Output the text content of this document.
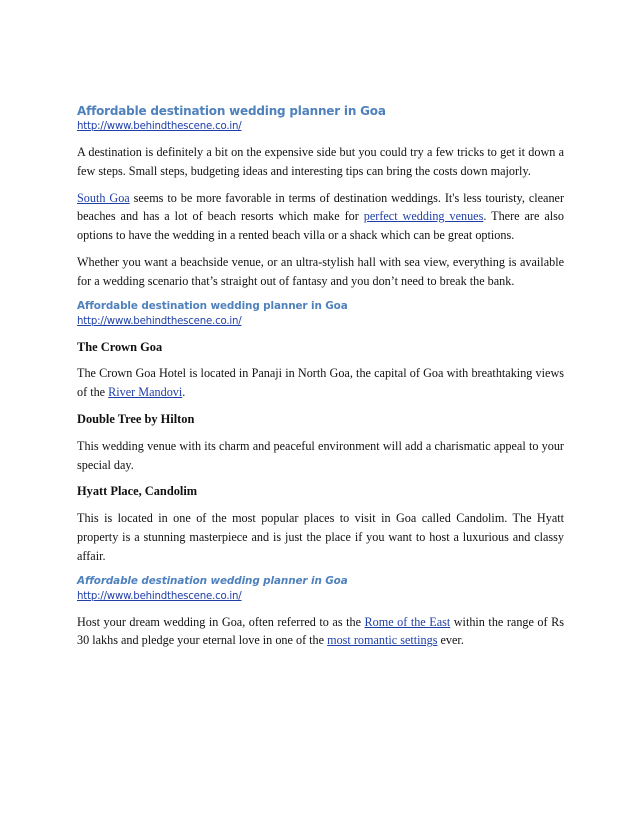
Affordable destination wedding planner in Goa
http://www.behindthescene.co.in/

A destination is definitely a bit on the expensive side but you could try a few tricks to get it down a few steps. Small steps, budgeting ideas and interesting tips can bring the costs down majorly.

South Goa seems to be more favorable in terms of destination weddings. It's less touristy, cleaner beaches and has a lot of beach resorts which make for perfect wedding venues. There are also options to have the wedding in a rented beach villa or a shack which can be great options.

Whether you want a beachside venue, or an ultra-stylish hall with sea view, everything is available for a wedding scenario that’s straight out of fantasy and you don’t need to break the bank.

Affordable destination wedding planner in Goa
http://www.behindthescene.co.in/

The Crown Goa

The Crown Goa Hotel is located in Panaji in North Goa, the capital of Goa with breathtaking views of the River Mandovi.

Double Tree by Hilton

This wedding venue with its charm and peaceful environment will add a charismatic appeal to your special day.

Hyatt Place, Candolim

This is located in one of the most popular places to visit in Goa called Candolim. The Hyatt property is a stunning masterpiece and is just the place if you want to host a luxurious and classy affair.

Affordable destination wedding planner in Goa
http://www.behindthescene.co.in/

Host your dream wedding in Goa, often referred to as the Rome of the East within the range of Rs 30 lakhs and pledge your eternal love in one of the most romantic settings ever.
